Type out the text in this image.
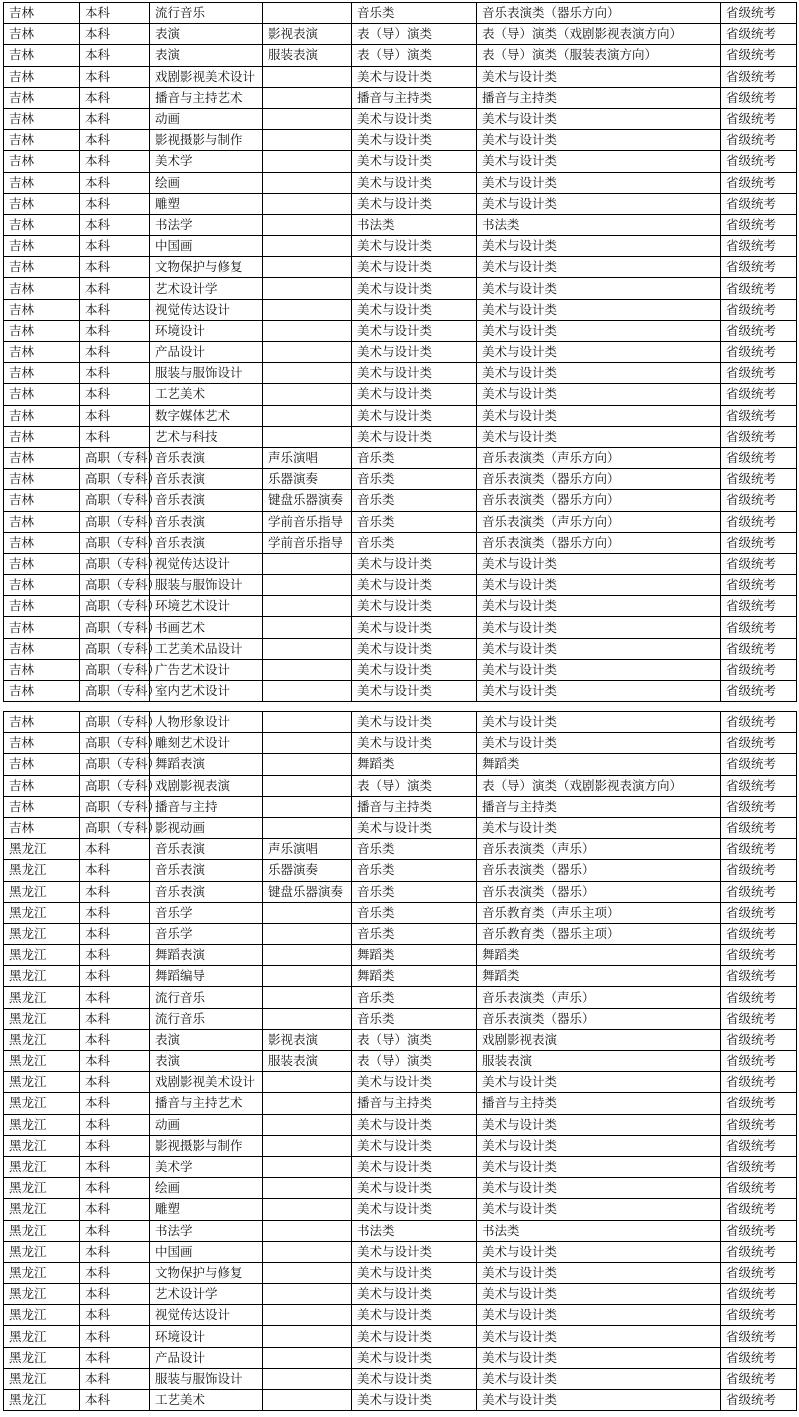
吉林	本科	流行音乐		音乐类	音乐表演类（器乐方向）	省级统考
吉林	本科	表演	影视表演	表（导）演类	表（导）演类（戏剧影视表演方向）	省级统考
吉林	本科	表演	服装表演	表（导）演类	表（导）演类（服装表演方向）	省级统考
吉林	本科	戏剧影视美术设计		美术与设计类	美术与设计类	省级统考
吉林	本科	播音与主持艺术		播音与主持类	播音与主持类	省级统考
吉林	本科	动画		美术与设计类	美术与设计类	省级统考
吉林	本科	影视摄影与制作		美术与设计类	美术与设计类	省级统考
吉林	本科	美术学		美术与设计类	美术与设计类	省级统考
吉林	本科	绘画		美术与设计类	美术与设计类	省级统考
吉林	本科	雕塑		美术与设计类	美术与设计类	省级统考
吉林	本科	书法学		书法类	书法类	省级统考
吉林	本科	中国画		美术与设计类	美术与设计类	省级统考
吉林	本科	文物保护与修复		美术与设计类	美术与设计类	省级统考
吉林	本科	艺术设计学		美术与设计类	美术与设计类	省级统考
吉林	本科	视觉传达设计		美术与设计类	美术与设计类	省级统考
吉林	本科	环境设计		美术与设计类	美术与设计类	省级统考
吉林	本科	产品设计		美术与设计类	美术与设计类	省级统考
吉林	本科	服装与服饰设计		美术与设计类	美术与设计类	省级统考
吉林	本科	工艺美术		美术与设计类	美术与设计类	省级统考
吉林	本科	数字媒体艺术		美术与设计类	美术与设计类	省级统考
吉林	本科	艺术与科技		美术与设计类	美术与设计类	省级统考
吉林	高职（专科）	音乐表演	声乐演唱	音乐类	音乐表演类（声乐方向）	省级统考
吉林	高职（专科）	音乐表演	乐器演奏	音乐类	音乐表演类（器乐方向）	省级统考
吉林	高职（专科）	音乐表演	键盘乐器演奏	音乐类	音乐表演类（器乐方向）	省级统考
吉林	高职（专科）	音乐表演	学前音乐指导	音乐类	音乐表演类（声乐方向）	省级统考
吉林	高职（专科）	音乐表演	学前音乐指导	音乐类	音乐表演类（器乐方向）	省级统考
吉林	高职（专科）	视觉传达设计		美术与设计类	美术与设计类	省级统考
吉林	高职（专科）	服装与服饰设计		美术与设计类	美术与设计类	省级统考
吉林	高职（专科）	环境艺术设计		美术与设计类	美术与设计类	省级统考
吉林	高职（专科）	书画艺术		美术与设计类	美术与设计类	省级统考
吉林	高职（专科）	工艺美术品设计		美术与设计类	美术与设计类	省级统考
吉林	高职（专科）	广告艺术设计		美术与设计类	美术与设计类	省级统考
吉林	高职（专科）	室内艺术设计		美术与设计类	美术与设计类	省级统考
吉林	高职（专科）	人物形象设计		美术与设计类	美术与设计类	省级统考
吉林	高职（专科）	雕刻艺术设计		美术与设计类	美术与设计类	省级统考
吉林	高职（专科）	舞蹈表演		舞蹈类	舞蹈类	省级统考
吉林	高职（专科）	戏剧影视表演		表（导）演类	表（导）演类（戏剧影视表演方向）	省级统考
吉林	高职（专科）	播音与主持		播音与主持类	播音与主持类	省级统考
吉林	高职（专科）	影视动画		美术与设计类	美术与设计类	省级统考
黑龙江	本科	音乐表演	声乐演唱	音乐类	音乐表演类（声乐）	省级统考
黑龙江	本科	音乐表演	乐器演奏	音乐类	音乐表演类（器乐）	省级统考
黑龙江	本科	音乐表演	键盘乐器演奏	音乐类	音乐表演类（器乐）	省级统考
黑龙江	本科	音乐学		音乐类	音乐教育类（声乐主项）	省级统考
黑龙江	本科	音乐学		音乐类	音乐教育类（器乐主项）	省级统考
黑龙江	本科	舞蹈表演		舞蹈类	舞蹈类	省级统考
黑龙江	本科	舞蹈编导		舞蹈类	舞蹈类	省级统考
黑龙江	本科	流行音乐		音乐类	音乐表演类（声乐）	省级统考
黑龙江	本科	流行音乐		音乐类	音乐表演类（器乐）	省级统考
黑龙江	本科	表演	影视表演	表（导）演类	戏剧影视表演	省级统考
黑龙江	本科	表演	服装表演	表（导）演类	服装表演	省级统考
黑龙江	本科	戏剧影视美术设计		美术与设计类	美术与设计类	省级统考
黑龙江	本科	播音与主持艺术		播音与主持类	播音与主持类	省级统考
黑龙江	本科	动画		美术与设计类	美术与设计类	省级统考
黑龙江	本科	影视摄影与制作		美术与设计类	美术与设计类	省级统考
黑龙江	本科	美术学		美术与设计类	美术与设计类	省级统考
黑龙江	本科	绘画		美术与设计类	美术与设计类	省级统考
黑龙江	本科	雕塑		美术与设计类	美术与设计类	省级统考
黑龙江	本科	书法学		书法类	书法类	省级统考
黑龙江	本科	中国画		美术与设计类	美术与设计类	省级统考
黑龙江	本科	文物保护与修复		美术与设计类	美术与设计类	省级统考
黑龙江	本科	艺术设计学		美术与设计类	美术与设计类	省级统考
黑龙江	本科	视觉传达设计		美术与设计类	美术与设计类	省级统考
黑龙江	本科	环境设计		美术与设计类	美术与设计类	省级统考
黑龙江	本科	产品设计		美术与设计类	美术与设计类	省级统考
黑龙江	本科	服装与服饰设计		美术与设计类	美术与设计类	省级统考
黑龙江	本科	工艺美术		美术与设计类	美术与设计类	省级统考
